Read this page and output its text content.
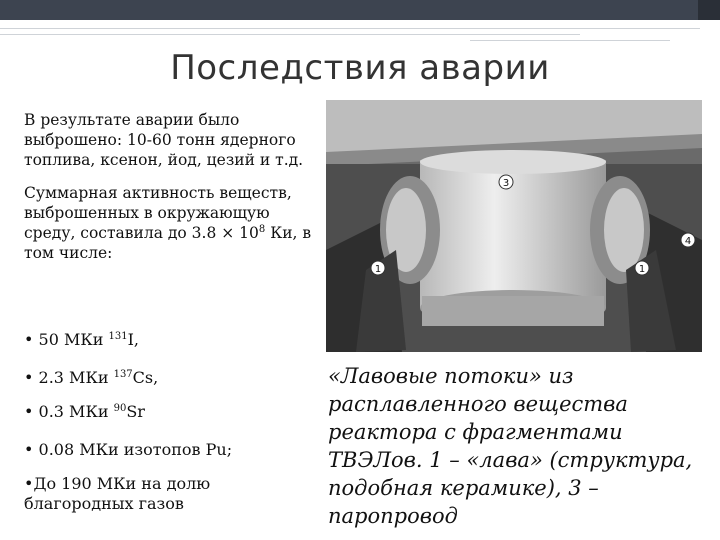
Последствия аварии

В результате аварии было выброшено: 10-60 тонн ядерного топлива, ксенон, йод, цезий и т.д.

Суммарная активность веществ, выброшенных в окружающую среду, составила до $3.8 \times 10^8$ Ки, в том числе:

• 50 МКи $^{131}$I,

• 2.3 МКи $^{137}$Cs,

• 0.3 МКи $^{90}$Sr

• 0.08 МКи изотопов Pu;

•До 190 МКи на долю благородных газов

3
4
1	1
«Лавовые потоки» из расплавленного вещества реактора с фрагментами ТВЭЛов. 1 – «лава» (структура, подобная керамике), 3 – паропровод
